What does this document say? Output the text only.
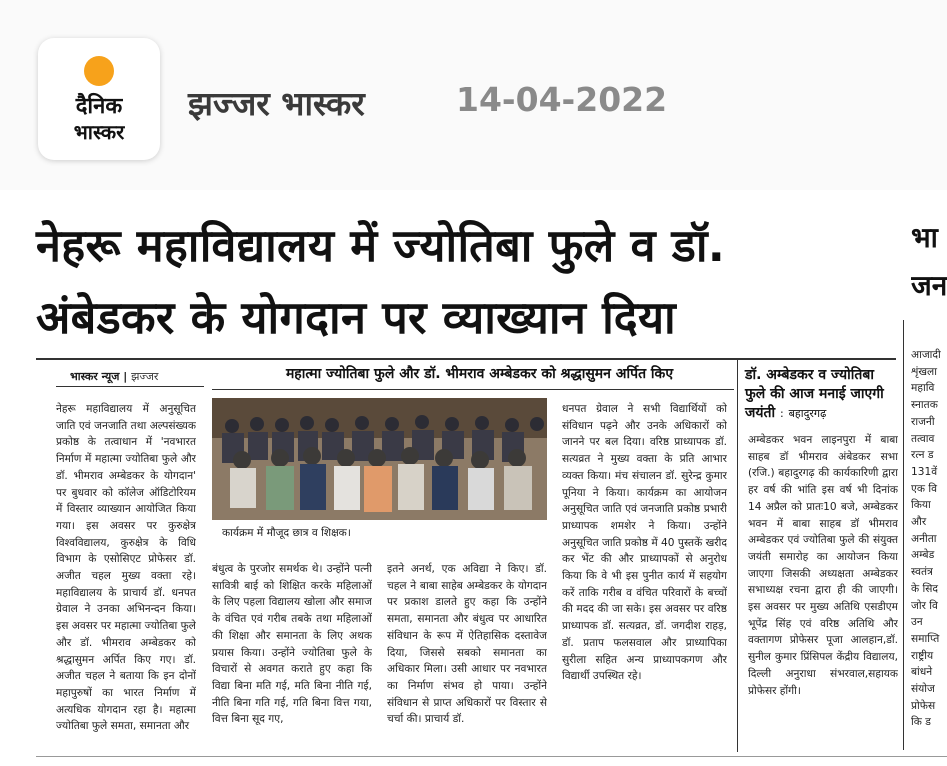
दैनिक
भास्कर
झज्जर भास्कर	14-04-2022
नेहरू महाविद्यालय में ज्योतिबा फुले व डॉ.
अंबेडकर के योगदान पर व्याख्यान दिया
भा
जन
भास्कर न्यूज | झज्जर	महात्मा ज्योतिबा फुले और डॉ. भीमराव अम्बेडकर को श्रद्धासुमन अर्पित किए
कार्यक्रम में मौजूद छात्र व शिक्षक।
नेहरू महाविद्यालय में अनुसूचित जाति एवं जनजाति तथा अल्पसंख्यक प्रकोष्ठ के तत्वाधान में 'नवभारत निर्माण में महात्मा ज्योतिबा फुले और डॉ. भीमराव अम्बेडकर के योगदान' पर बुधवार को कॉलेज ऑडिटोरियम में विस्तार व्याख्यान आयोजित किया गया। इस अवसर पर कुरुक्षेत्र विश्वविद्यालय, कुरुक्षेत्र के विधि विभाग के एसोसिएट प्रोफेसर डॉ. अजीत चहल मुख्य वक्ता रहे। महाविद्यालय के प्राचार्य डॉ. धनपत ग्रेवाल ने उनका अभिनन्दन किया। इस अवसर पर महात्मा ज्योतिबा फुले और डॉ. भीमराव अम्बेडकर को श्रद्धासुमन अर्पित किए गए। डॉ. अजीत चहल ने बताया कि इन दोनों महापुरुषों का भारत निर्माण में अत्यधिक योगदान रहा है। महात्मा ज्योतिबा फुले समता, समानता और
बंधुत्व के पुरजोर समर्थक थे। उन्होंने पत्नी सावित्री बाई को शिक्षित करके महिलाओं के लिए पहला विद्यालय खोला और समाज के वंचित एवं गरीब तबके तथा महिलाओं की शिक्षा और समानता के लिए अथक प्रयास किया। उन्होंने ज्योतिबा फुले के विचारों से अवगत कराते हुए कहा कि विद्या बिना मति गई, मति बिना नीति गई, नीति बिना गति गई, गति बिना वित्त गया, वित्त बिना सूद गए,
इतने अनर्थ, एक अविद्या ने किए। डॉ. चहल ने बाबा साहेब अम्बेडकर के योगदान पर प्रकाश डालते हुए कहा कि उन्होंने समता, समानता और बंधुत्व पर आधारित संविधान के रूप में ऐतिहासिक दस्तावेज दिया, जिससे सबको समानता का अधिकार मिला। उसी आधार पर नवभारत का निर्माण संभव हो पाया। उन्होंने संविधान से प्राप्त अधिकारों पर विस्तार से चर्चा की। प्राचार्य डॉ.
धनपत ग्रेवाल ने सभी विद्यार्थियों को संविधान पढ़ने और उनके अधिकारों को जानने पर बल दिया। वरिष्ठ प्राध्यापक डॉ. सत्यव्रत ने मुख्य वक्ता के प्रति आभार व्यक्त किया। मंच संचालन डॉ. सुरेन्द्र कुमार पूनिया ने किया। कार्यक्रम का आयोजन अनुसूचित जाति एवं जनजाति प्रकोष्ठ प्रभारी प्राध्यापक शमशेर ने किया। उन्होंने अनुसूचित जाति प्रकोष्ठ में 40 पुस्तकें खरीद कर भेंट की और प्राध्यापकों से अनुरोध किया कि वे भी इस पुनीत कार्य में सहयोग करें ताकि गरीब व वंचित परिवारों के बच्चों की मदद की जा सके। इस अवसर पर वरिष्ठ प्राध्यापक डॉ. सत्यव्रत, डॉ. जगदीश राहड़, डॉ. प्रताप फलसवाल और प्राध्यापिका सुरीला सहित अन्य प्राध्यापकगण और विद्यार्थी उपस्थित रहे।
डॉ. अम्बेडकर व ज्योतिबा फुले की आज मनाई जाएगी जयंती : बहादुरगढ़
अम्बेडकर भवन लाइनपुरा में बाबा साहब डॉ भीमराव अंबेडकर सभा (रजि.) बहादुरगढ़ की कार्यकारिणी द्वारा हर वर्ष की भांति इस वर्ष भी दिनांक 14 अप्रैल को प्रातः10 बजे, अम्बेडकर भवन में बाबा साहब डॉ भीमराव अम्बेडकर एवं ज्योतिबा फुले की संयुक्त जयंती समारोह का आयोजन किया जाएगा जिसकी अध्यक्षता अम्बेडकर सभाध्यक्ष रचना द्वारा ही की जाएगी। इस अवसर पर मुख्य अतिथि एसडीएम भूपेंद्र सिंह एवं वरिष्ठ अतिथि और वक्तागण प्रोफेसर पूजा आलहान,डॉ. सुनील कुमार प्रिंसिपल केंद्रीय विद्यालय, दिल्ली अनुराधा संभरवाल,सहायक प्रोफेसर होंगी।
आजादी
शृंखला
महावि
स्नातक
राजनी
तत्वाव
रत्न ड
131वें
एक वि
किया
और
अनीता
अम्बेड
स्वतंत्र
के सिद
जोर वि
उन
समाप्ति
राष्ट्रीय
बांधने
संयोज
प्रोफेस
कि ड
